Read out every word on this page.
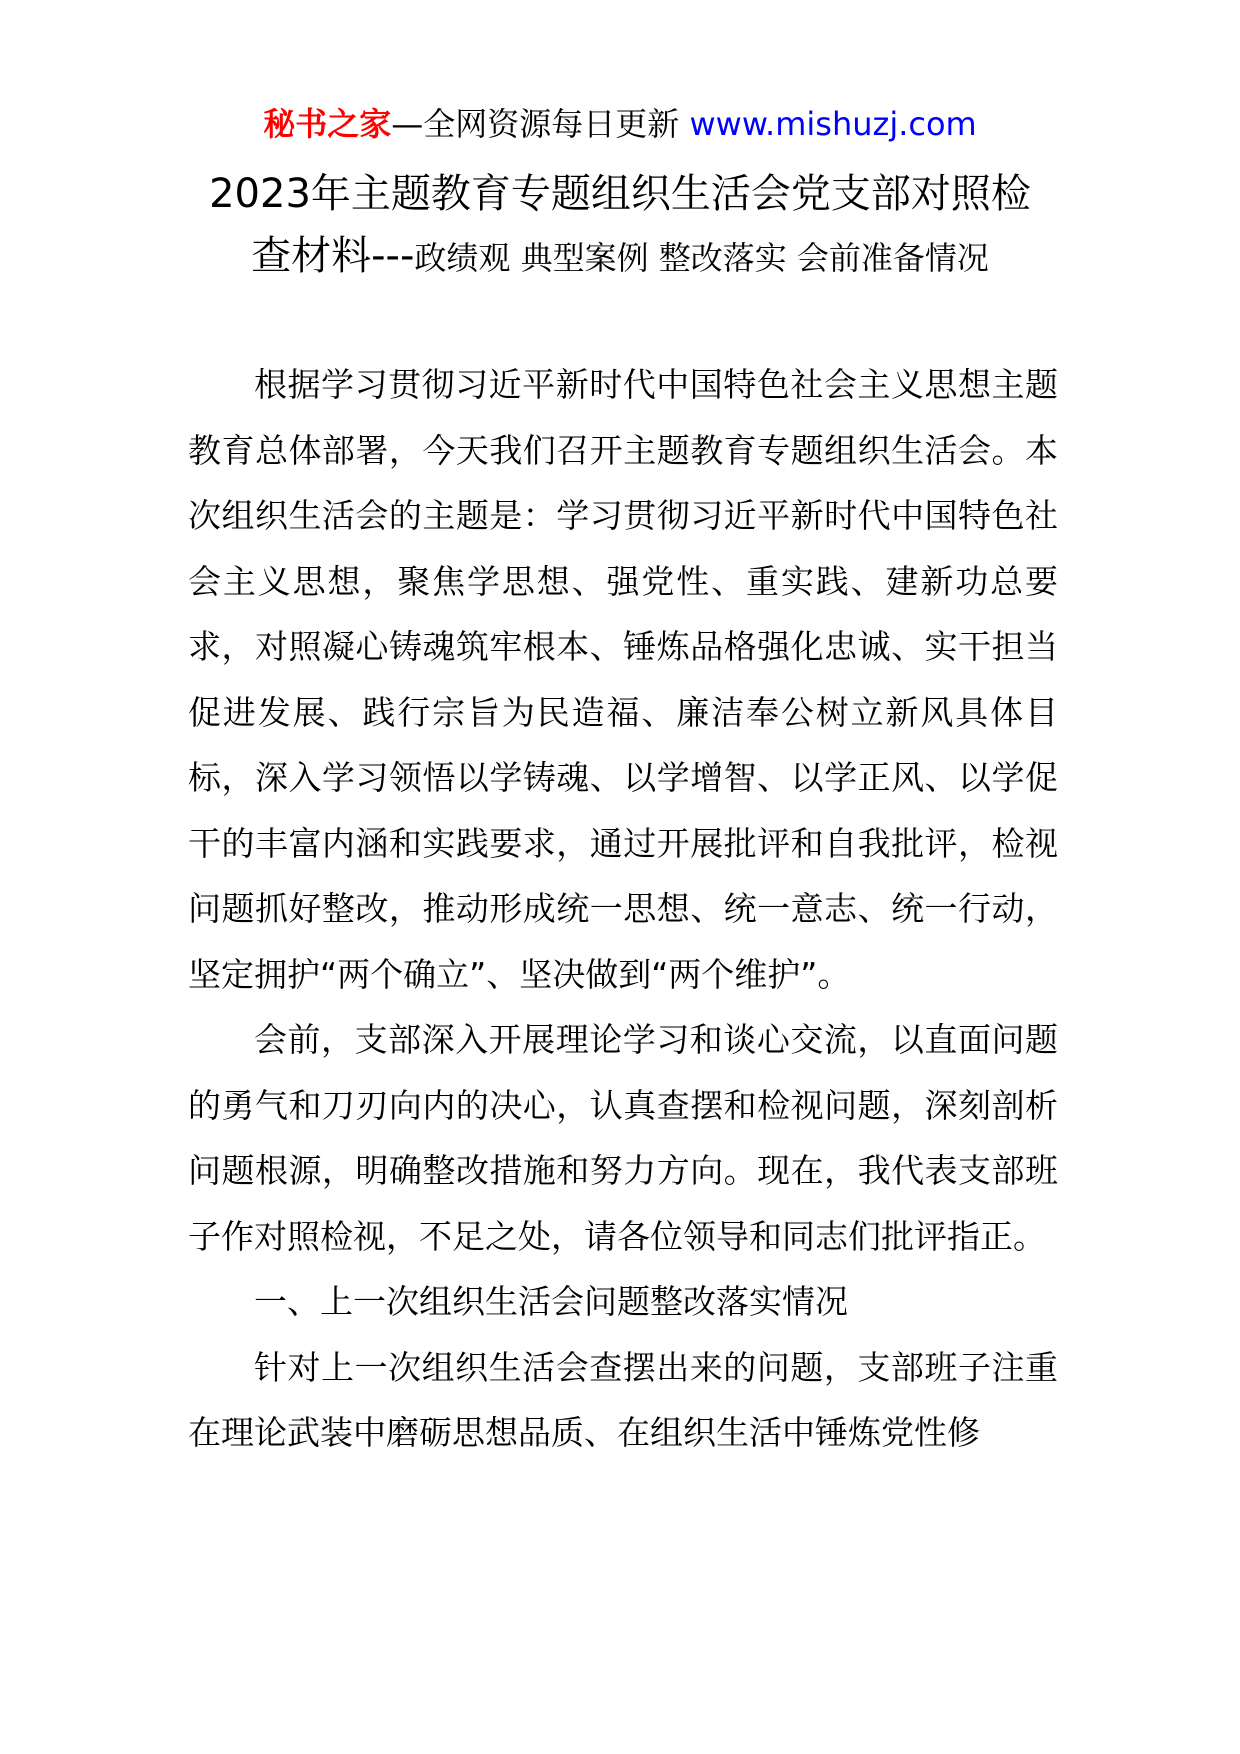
秘书之家—全网资源每日更新 www.mishuzj.com
2023年主题教育专题组织生活会党支部对照检
查材料---政绩观 典型案例 整改落实 会前准备情况

根据学习贯彻习近平新时代中国特色社会主义思想主题教育总体部署，今天我们召开主题教育专题组织生活会。本次组织生活会的主题是：学习贯彻习近平新时代中国特色社会主义思想，聚焦学思想、强党性、重实践、建新功总要求，对照凝心铸魂筑牢根本、锤炼品格强化忠诚、实干担当促进发展、践行宗旨为民造福、廉洁奉公树立新风具体目标，深入学习领悟以学铸魂、以学增智、以学正风、以学促干的丰富内涵和实践要求，通过开展批评和自我批评，检视问题抓好整改，推动形成统一思想、统一意志、统一行动，坚定拥护“两个确立”、坚决做到“两个维护”。

会前，支部深入开展理论学习和谈心交流，以直面问题的勇气和刀刃向内的决心，认真查摆和检视问题，深刻剖析问题根源，明确整改措施和努力方向。现在，我代表支部班子作对照检视，不足之处，请各位领导和同志们批评指正。

一、上一次组织生活会问题整改落实情况

针对上一次组织生活会查摆出来的问题，支部班子注重在理论武装中磨砺思想品质、在组织生活中锤炼党性修
